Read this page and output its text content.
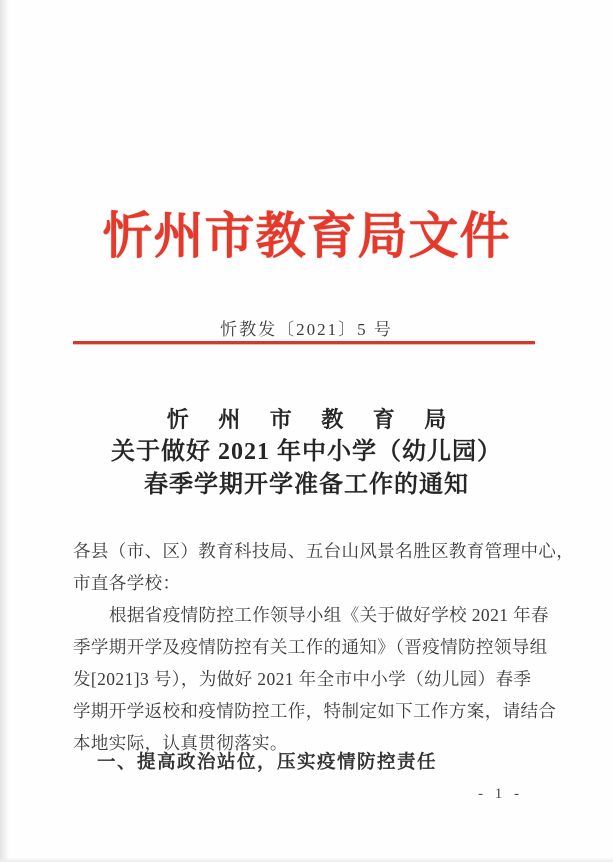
忻州市教育局文件
忻教发〔2021〕5 号
忻 州 市 教 育 局
关于做好 2021 年中小学（幼儿园）
春季学期开学准备工作的通知
各县（市、区）教育科技局、五台山风景名胜区教育管理中心，
市直各学校：
根据省疫情防控工作领导小组《关于做好学校 2021 年春
季学期开学及疫情防控有关工作的通知》（晋疫情防控领导组
发[2021]3 号），为做好 2021 年全市中小学（幼儿园）春季
学期开学返校和疫情防控工作，特制定如下工作方案，请结合
本地实际，认真贯彻落实。
一、提高政治站位，压实疫情防控责任
- 1 -
